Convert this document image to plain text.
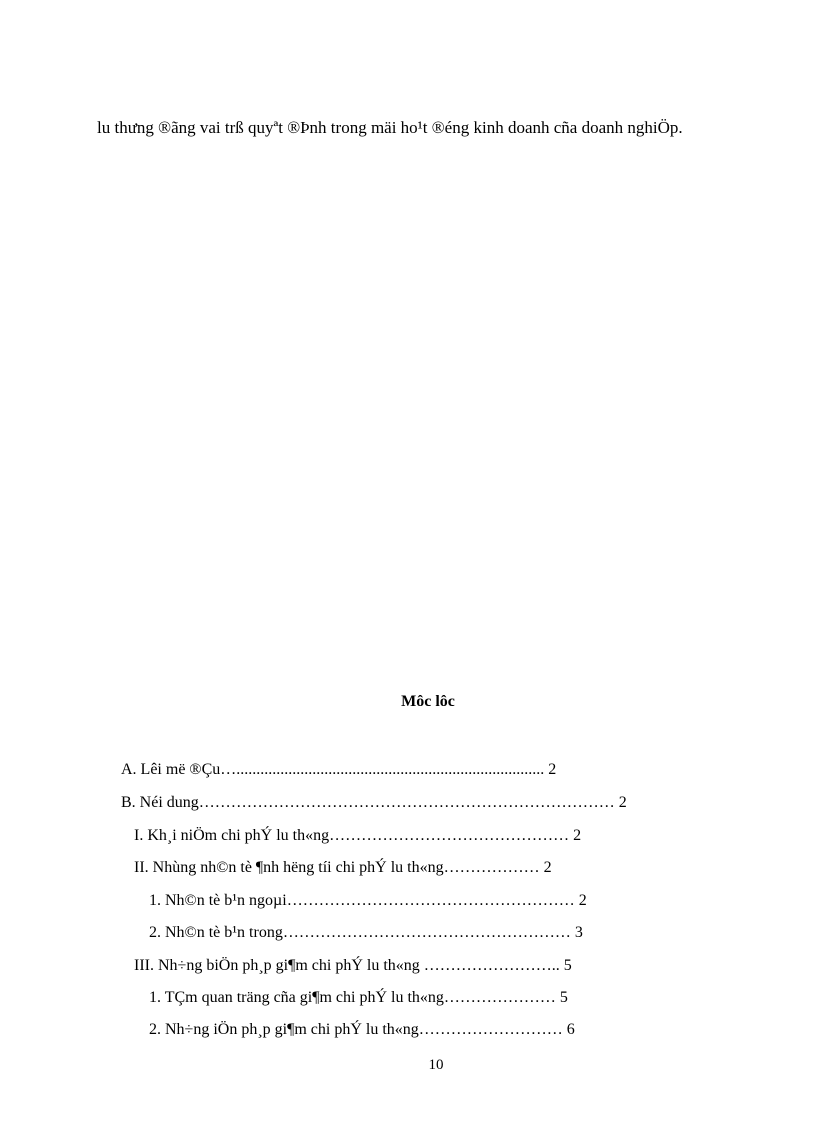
lu thưng ®ãng vai trß quyªt ®Þnh trong mäi ho¹t ®éng kinh doanh cña doanh nghiÖp.

Môc lôc

A. Lêi më ®Çu…............................................................................. 2

B. Néi dung…………………………………………………………………… 2

I. Kh¸i niÖm chi phÝ lu th«ng……………………………………… 2

II. Nhùng nh©n tè ¶nh hëng tíi chi phÝ lu th«ng……………… 2

1. Nh©n tè b¹n ngoµi……………………………………………… 2

2. Nh©n tè b¹n trong……………………………………………… 3

III. Nh÷ng biÖn ph¸p gi¶m chi phÝ lu th«ng …………………….. 5

1. TÇm quan träng cña gi¶m chi phÝ lu th«ng………………… 5

2. Nh÷ng iÖn ph¸p gi¶m chi phÝ lu th«ng……………………… 6

10
